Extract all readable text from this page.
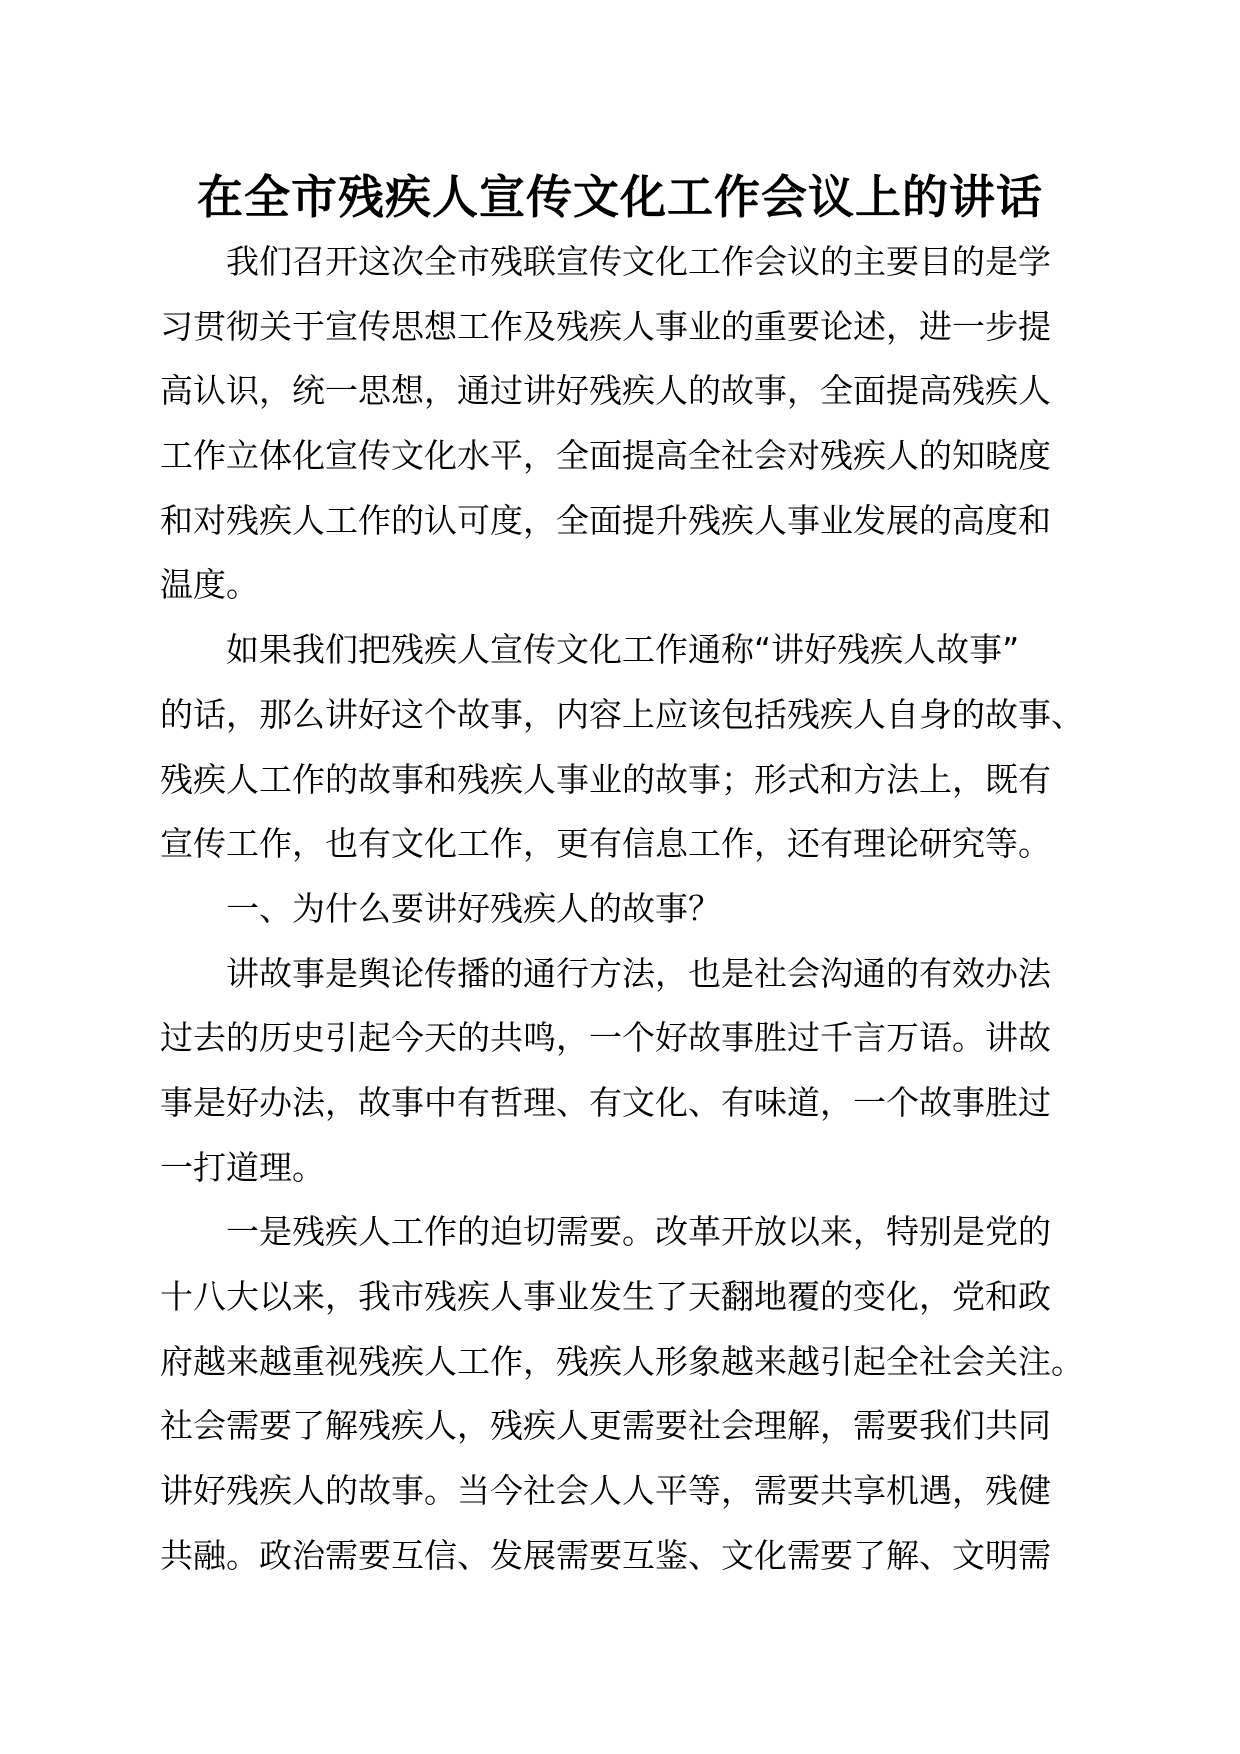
在全市残疾人宣传文化工作会议上的讲话
我们召开这次全市残联宣传文化工作会议的主要目的是学
习贯彻关于宣传思想工作及残疾人事业的重要论述，进一步提
高认识，统一思想，通过讲好残疾人的故事，全面提高残疾人
工作立体化宣传文化水平，全面提高全社会对残疾人的知晓度
和对残疾人工作的认可度，全面提升残疾人事业发展的高度和
温度。
如果我们把残疾人宣传文化工作通称“讲好残疾人故事”
的话，那么讲好这个故事，内容上应该包括残疾人自身的故事、
残疾人工作的故事和残疾人事业的故事；形式和方法上，既有
宣传工作，也有文化工作，更有信息工作，还有理论研究等。
一、为什么要讲好残疾人的故事？
讲故事是舆论传播的通行方法，也是社会沟通的有效办法
过去的历史引起今天的共鸣，一个好故事胜过千言万语。讲故
事是好办法，故事中有哲理、有文化、有味道，一个故事胜过
一打道理。
一是残疾人工作的迫切需要。改革开放以来，特别是党的
十八大以来，我市残疾人事业发生了天翻地覆的变化，党和政
府越来越重视残疾人工作，残疾人形象越来越引起全社会关注。
社会需要了解残疾人，残疾人更需要社会理解，需要我们共同
讲好残疾人的故事。当今社会人人平等，需要共享机遇，残健
共融。政治需要互信、发展需要互鉴、文化需要了解、文明需
